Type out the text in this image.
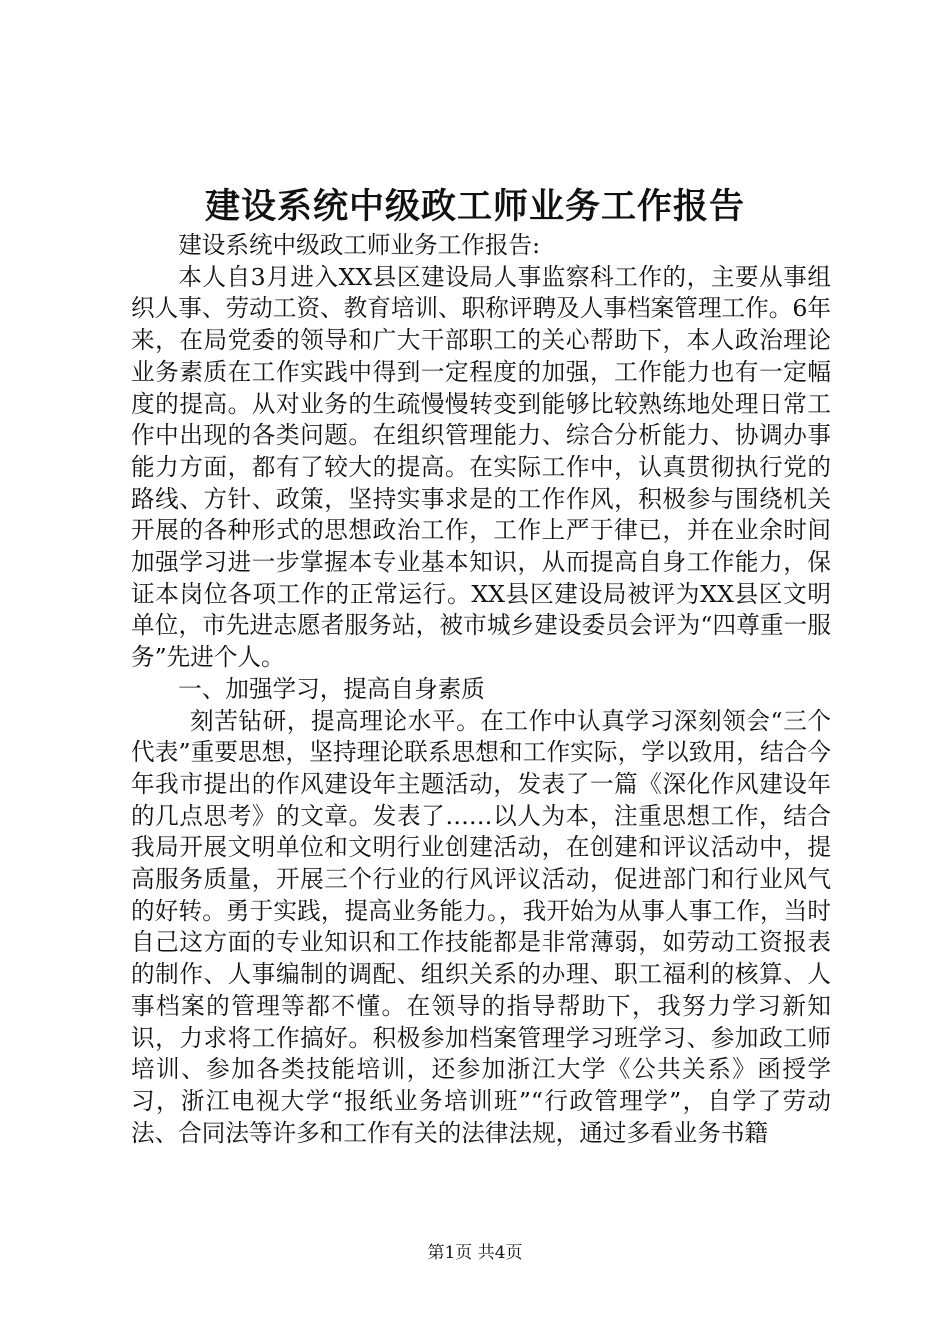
建设系统中级政工师业务工作报告

建设系统中级政工师业务工作报告:

本人自3月进入XX县区建设局人事监察科工作的，主要从事组织人事、劳动工资、教育培训、职称评聘及人事档案管理工作。6年来，在局党委的领导和广大干部职工的关心帮助下，本人政治理论业务素质在工作实践中得到一定程度的加强，工作能力也有一定幅度的提高。从对业务的生疏慢慢转变到能够比较熟练地处理日常工作中出现的各类问题。在组织管理能力、综合分析能力、协调办事能力方面，都有了较大的提高。在实际工作中，认真贯彻执行党的路线、方针、政策，坚持实事求是的工作作风，积极参与围绕机关开展的各种形式的思想政治工作，工作上严于律已，并在业余时间加强学习进一步掌握本专业基本知识，从而提高自身工作能力，保证本岗位各项工作的正常运行。XX县区建设局被评为XX县区文明单位，市先进志愿者服务站，被市城乡建设委员会评为“四尊重一服务”先进个人。

一、加强学习，提高自身素质

刻苦钻研，提高理论水平。在工作中认真学习深刻领会“三个代表”重要思想，坚持理论联系思想和工作实际，学以致用，结合今年我市提出的作风建设年主题活动，发表了一篇《深化作风建设年的几点思考》的文章。发表了……以人为本，注重思想工作，结合我局开展文明单位和文明行业创建活动，在创建和评议活动中，提高服务质量，开展三个行业的行风评议活动，促进部门和行业风气的好转。勇于实践，提高业务能力。，我开始为从事人事工作，当时自己这方面的专业知识和工作技能都是非常薄弱，如劳动工资报表的制作、人事编制的调配、组织关系的办理、职工福利的核算、人事档案的管理等都不懂。在领导的指导帮助下，我努力学习新知识，力求将工作搞好。积极参加档案管理学习班学习、参加政工师培训、参加各类技能培训，还参加浙江大学《公共关系》函授学习，浙江电视大学“报纸业务培训班”“行政管理学”，自学了劳动法、合同法等许多和工作有关的法律法规，通过多看业务书籍

第1页 共4页
